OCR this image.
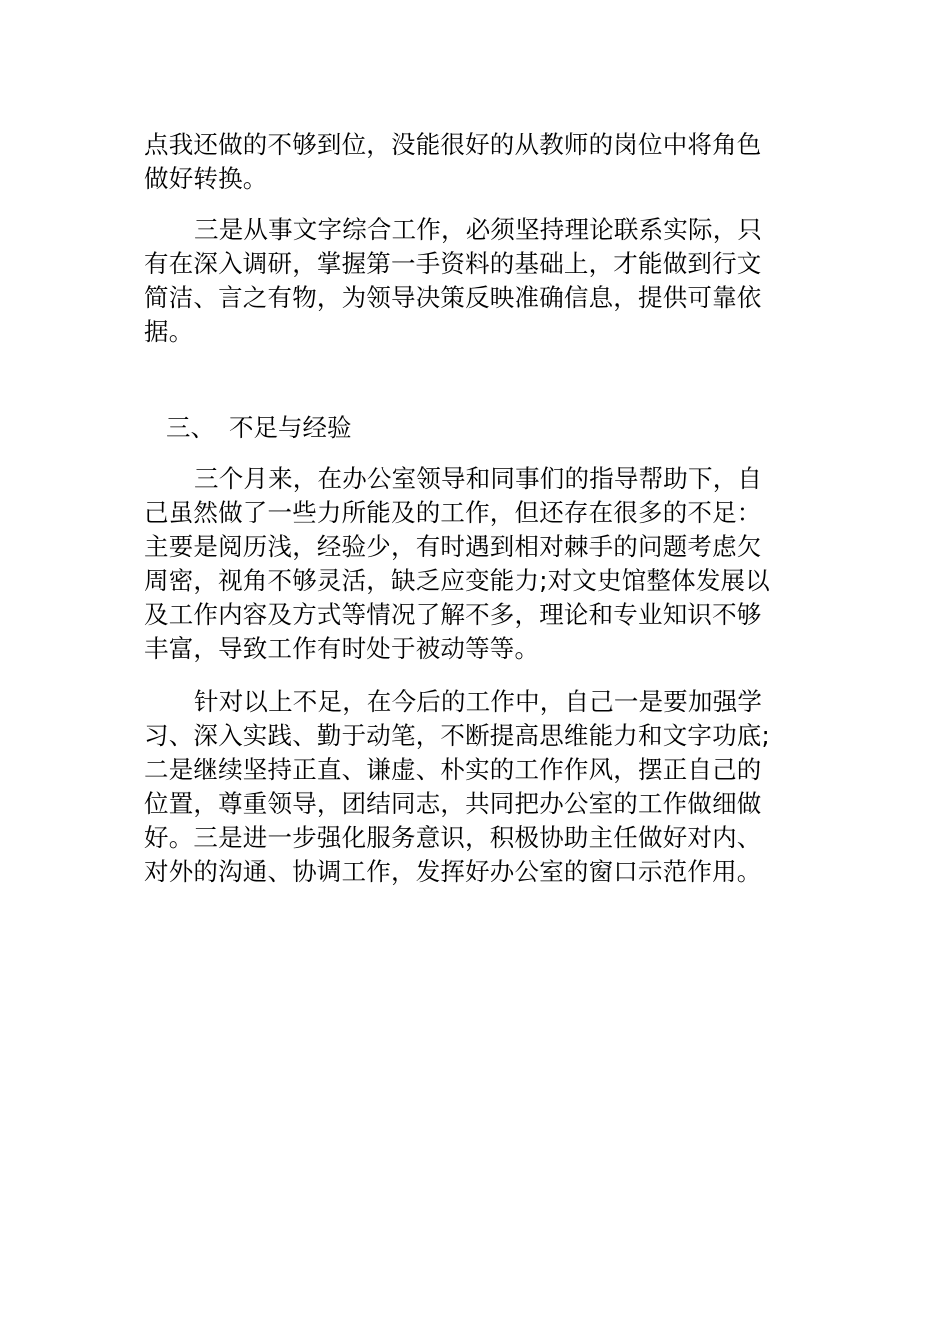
点我还做的不够到位，没能很好的从教师的岗位中将角色
做好转换。
三是从事文字综合工作，必须坚持理论联系实际，只
有在深入调研，掌握第一手资料的基础上，才能做到行文
简洁、言之有物，为领导决策反映准确信息，提供可靠依
据。
三、 不足与经验
三个月来，在办公室领导和同事们的指导帮助下，自
己虽然做了一些力所能及的工作，但还存在很多的不足：
主要是阅历浅，经验少，有时遇到相对棘手的问题考虑欠
周密，视角不够灵活，缺乏应变能力;对文史馆整体发展以
及工作内容及方式等情况了解不多，理论和专业知识不够
丰富，导致工作有时处于被动等等。
针对以上不足，在今后的工作中，自己一是要加强学
习、深入实践、勤于动笔，不断提高思维能力和文字功底;
二是继续坚持正直、谦虚、朴实的工作作风，摆正自己的
位置，尊重领导，团结同志，共同把办公室的工作做细做
好。三是进一步强化服务意识，积极协助主任做好对内、
对外的沟通、协调工作，发挥好办公室的窗口示范作用。
